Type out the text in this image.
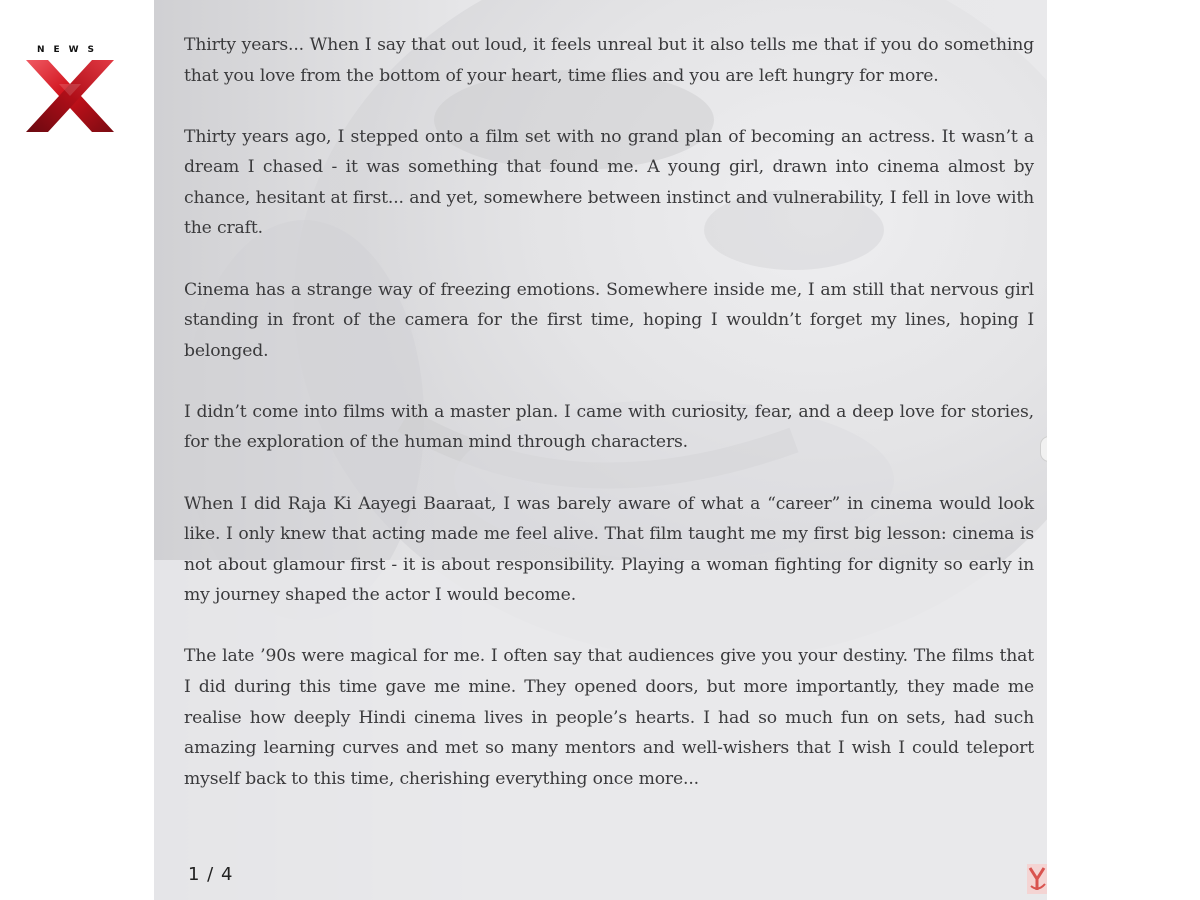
NEWS	Thirty years... When I say that out loud, it feels unreal but it also tells me that if you do something that you love from the bottom of your heart, time flies and you are left hungry for more.

Thirty years ago, I stepped onto a film set with no grand plan of becoming an actress. It wasn’t a dream I chased - it was something that found me. A young girl, drawn into cinema almost by chance, hesitant at first... and yet, somewhere between instinct and vulnerability, I fell in love with the craft.

Cinema has a strange way of freezing emotions. Somewhere inside me, I am still that nervous girl standing in front of the camera for the first time, hoping I wouldn’t forget my lines, hoping I belonged.

I didn’t come into films with a master plan. I came with curiosity, fear, and a deep love for stories, for the exploration of the human mind through characters.

When I did Raja Ki Aayegi Baaraat, I was barely aware of what a “career” in cinema would look like. I only knew that acting made me feel alive. That film taught me my first big lesson: cinema is not about glamour first - it is about responsibility. Playing a woman fighting for dignity so early in my journey shaped the actor I would become.

The late ’90s were magical for me. I often say that audiences give you your destiny. The films that I did during this time gave me mine. They opened doors, but more importantly, they made me realise how deeply Hindi cinema lives in people’s hearts. I had so much fun on sets, had such amazing learning curves and met so many mentors and well-wishers that I wish I could teleport myself back to this time, cherishing everything once more...

1 / 4
